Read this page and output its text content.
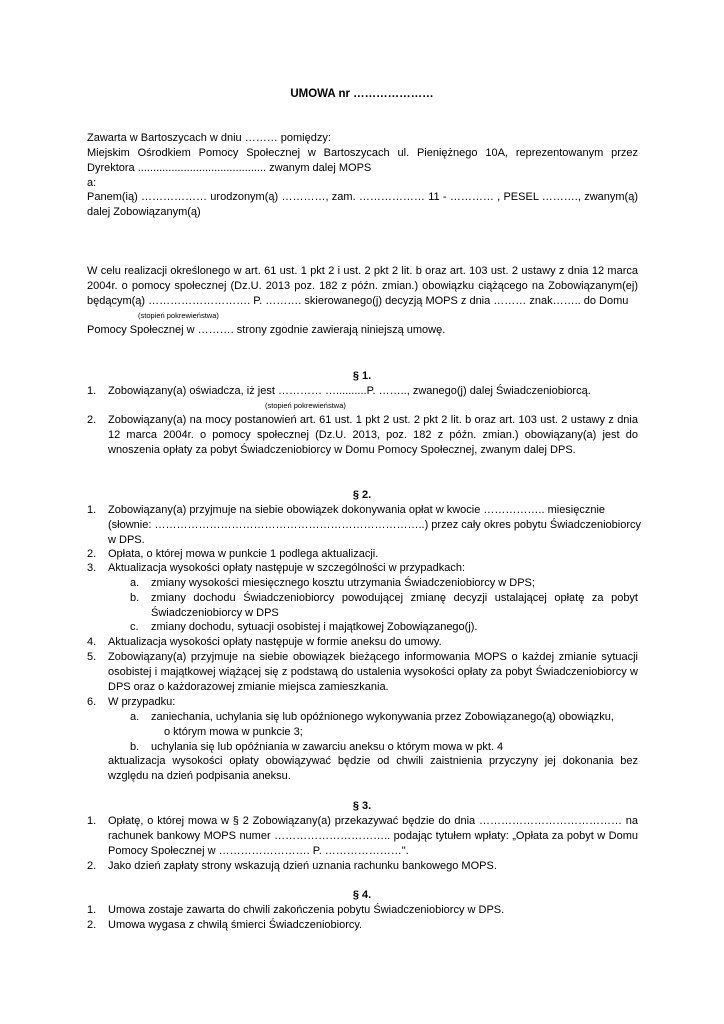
UMOWA nr …………………
Zawarta w Bartoszycach w dniu ……… pomiędzy:
Miejskim Ośrodkiem Pomocy Społecznej w Bartoszycach ul. Pieniężnego 10A, reprezentowanym przez Dyrektora .......................................... zwanym dalej MOPS
a:
Panem(ią) ……………… urodzonym(ą) …………, zam. ……………… 11 - ………… , PESEL ………., zwanym(ą) dalej Zobowiązanym(ą)
W celu realizacji określonego w art. 61 ust. 1 pkt 2 i ust. 2 pkt 2 lit. b oraz art. 103 ust. 2 ustawy z dnia 12 marca 2004r. o pomocy społecznej (Dz.U. 2013 poz. 182 z późn. zmian.) obowiązku ciążącego na Zobowiązanym(ej) będącym(ą) ………………………. P. ………. skierowanego(j) decyzją MOPS z dnia ……… znak…….. do Domu
(stopień pokrewieństwa)
Pomocy Społecznej w ………. strony zgodnie zawierają niniejszą umowę.
§ 1.
1. Zobowiązany(a) oświadcza, iż jest ………… …..........P. …….., zwanego(j) dalej Świadczeniobiorcą.
(stopień pokrewieństwa)
2. Zobowiązany(a) na mocy postanowień art. 61 ust. 1 pkt 2 ust. 2 pkt 2 lit. b oraz art. 103 ust. 2 ustawy z dnia 12 marca 2004r. o pomocy społecznej (Dz.U. 2013, poz. 182 z późn. zmian.) obowiązany(a) jest do wnoszenia opłaty za pobyt Świadczeniobiorcy w Domu Pomocy Społecznej, zwanym dalej DPS.
§ 2.
1. Zobowiązany(a) przyjmuje na siebie obowiązek dokonywania opłat w kwocie …………….. miesięcznie
(słownie: ………………………………………………………………..) przez cały okres pobytu Świadczeniobiorcy
w DPS.
2. Opłata, o której mowa w punkcie 1 podlega aktualizacji.
3. Aktualizacja wysokości opłaty następuje w szczególności w przypadkach:
a. zmiany wysokości miesięcznego kosztu utrzymania Świadczeniobiorcy w DPS;
b. zmiany dochodu Świadczeniobiorcy powodującej zmianę decyzji ustalającej opłatę za pobyt Świadczeniobiorcy w DPS
c. zmiany dochodu, sytuacji osobistej i majątkowej Zobowiązanego(j).
4. Aktualizacja wysokości opłaty następuje w formie aneksu do umowy.
5. Zobowiązany(a) przyjmuje na siebie obowiązek bieżącego informowania MOPS o każdej zmianie sytuacji osobistej i majątkowej wiążącej się z podstawą do ustalenia wysokości opłaty za pobyt Świadczeniobiorcy w DPS oraz o każdorazowej zmianie miejsca zamieszkania.
6. W przypadku:
a. zaniechania, uchylania się lub opóźnionego wykonywania przez Zobowiązanego(ą) obowiązku,
o którym mowa w punkcie 3;
b. uchylania się lub opóźniania w zawarciu aneksu o którym mowa w pkt. 4
aktualizacja wysokości opłaty obowiązywać będzie od chwili zaistnienia przyczyny jej dokonania bez względu na dzień podpisania aneksu.
§ 3.
1. Opłatę, o której mowa w § 2 Zobowiązany(a) przekazywać będzie do dnia ………………………………… na rachunek bankowy MOPS numer ………………………….. podając tytułem wpłaty: „Opłata za pobyt w Domu Pomocy Społecznej w ……………………. P. …………………".
2. Jako dzień zapłaty strony wskazują dzień uznania rachunku bankowego MOPS.
§ 4.
1. Umowa zostaje zawarta do chwili zakończenia pobytu Świadczeniobiorcy w DPS.
2. Umowa wygasa z chwilą śmierci Świadczeniobiorcy.
